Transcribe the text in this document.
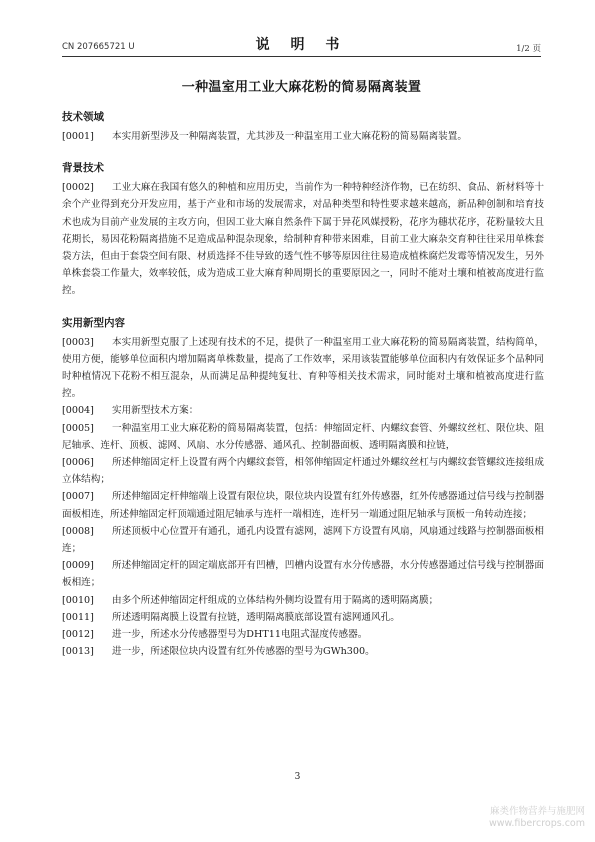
CN 207665721 U	说 明 书	1/2 页
一种温室用工业大麻花粉的简易隔离装置
技术领域

[0001] 本实用新型涉及一种隔离装置，尤其涉及一种温室用工业大麻花粉的简易隔离装置。

背景技术

[0002] 工业大麻在我国有悠久的种植和应用历史，当前作为一种特种经济作物，已在纺织、食品、新材料等十余个产业得到充分开发应用，基于产业和市场的发展需求，对品种类型和特性要求越来越高，新品种创制和培育技术也成为目前产业发展的主攻方向，但因工业大麻自然条件下属于异花风媒授粉，花序为穗状花序，花粉量较大且花期长，易因花粉隔离措施不足造成品种混杂现象，给制种育种带来困难，目前工业大麻杂交育种往往采用单株套袋方法，但由于套袋空间有限、材质选择不佳导致的透气性不够等原因往往易造成植株腐烂发霉等情况发生，另外单株套袋工作量大，效率较低，成为造成工业大麻育种周期长的重要原因之一，同时不能对土壤和植被高度进行监控。

实用新型内容

[0003] 本实用新型克服了上述现有技术的不足，提供了一种温室用工业大麻花粉的简易隔离装置，结构简单，使用方便，能够单位面积内增加隔离单株数量，提高了工作效率，采用该装置能够单位面积内有效保证多个品种同时种植情况下花粉不相互混杂，从而满足品种提纯复壮、育种等相关技术需求，同时能对土壤和植被高度进行监控。

[0004] 实用新型技术方案：

[0005] 一种温室用工业大麻花粉的简易隔离装置，包括：伸缩固定杆、内螺纹套管、外螺纹丝杠、限位块、阻尼轴承、连杆、顶板、滤网、风扇、水分传感器、通风孔、控制器面板、透明隔离膜和拉链，

[0006] 所述伸缩固定杆上设置有两个内螺纹套管，相邻伸缩固定杆通过外螺纹丝杠与内螺纹套管螺纹连接组成立体结构；

[0007] 所述伸缩固定杆伸缩端上设置有限位块，限位块内设置有红外传感器，红外传感器通过信号线与控制器面板相连，所述伸缩固定杆顶端通过阻尼轴承与连杆一端相连，连杆另一端通过阻尼轴承与顶板一角转动连接；

[0008] 所述顶板中心位置开有通孔，通孔内设置有滤网，滤网下方设置有风扇，风扇通过线路与控制器面板相连；

[0009] 所述伸缩固定杆的固定端底部开有凹槽，凹槽内设置有水分传感器，水分传感器通过信号线与控制器面板相连；

[0010] 由多个所述伸缩固定杆组成的立体结构外侧均设置有用于隔离的透明隔离膜；

[0011] 所述透明隔离膜上设置有拉链，透明隔离膜底部设置有滤网通风孔。

[0012] 进一步，所述水分传感器型号为DHT11电阻式湿度传感器。

[0013] 进一步，所述限位块内设置有红外传感器的型号为GWh300。

3
麻类作物营养与施肥网
www.fibercrops.com
